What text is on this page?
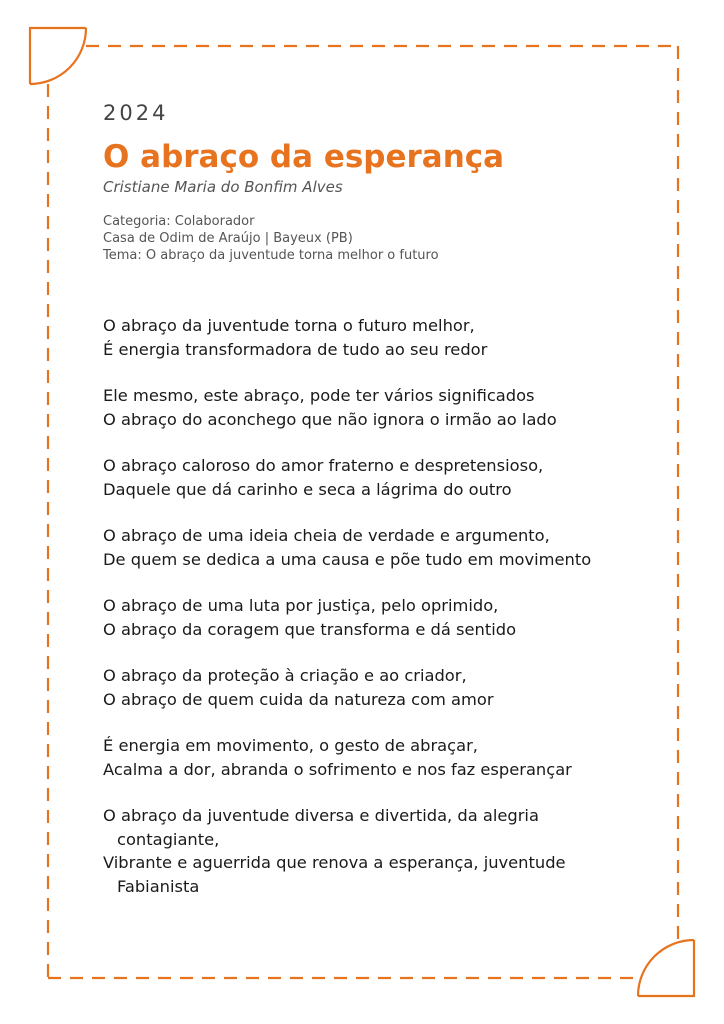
2024
O abraço da esperança
Cristiane Maria do Bonfim Alves
Categoria: Colaborador
Casa de Odim de Araújo | Bayeux (PB)
Tema: O abraço da juventude torna melhor o futuro
O abraço da juventude torna o futuro melhor,
É energia transformadora de tudo ao seu redor
Ele mesmo, este abraço, pode ter vários significados
O abraço do aconchego que não ignora o irmão ao lado
O abraço caloroso do amor fraterno e despretensioso,
Daquele que dá carinho e seca a lágrima do outro
O abraço de uma ideia cheia de verdade e argumento,
De quem se dedica a uma causa e põe tudo em movimento
O abraço de uma luta por justiça, pelo oprimido,
O abraço da coragem que transforma e dá sentido
O abraço da proteção à criação e ao criador,
O abraço de quem cuida da natureza com amor
É energia em movimento, o gesto de abraçar,
Acalma a dor, abranda o sofrimento e nos faz esperançar
O abraço da juventude diversa e divertida, da alegria
contagiante,
Vibrante e aguerrida que renova a esperança, juventude
Fabianista
